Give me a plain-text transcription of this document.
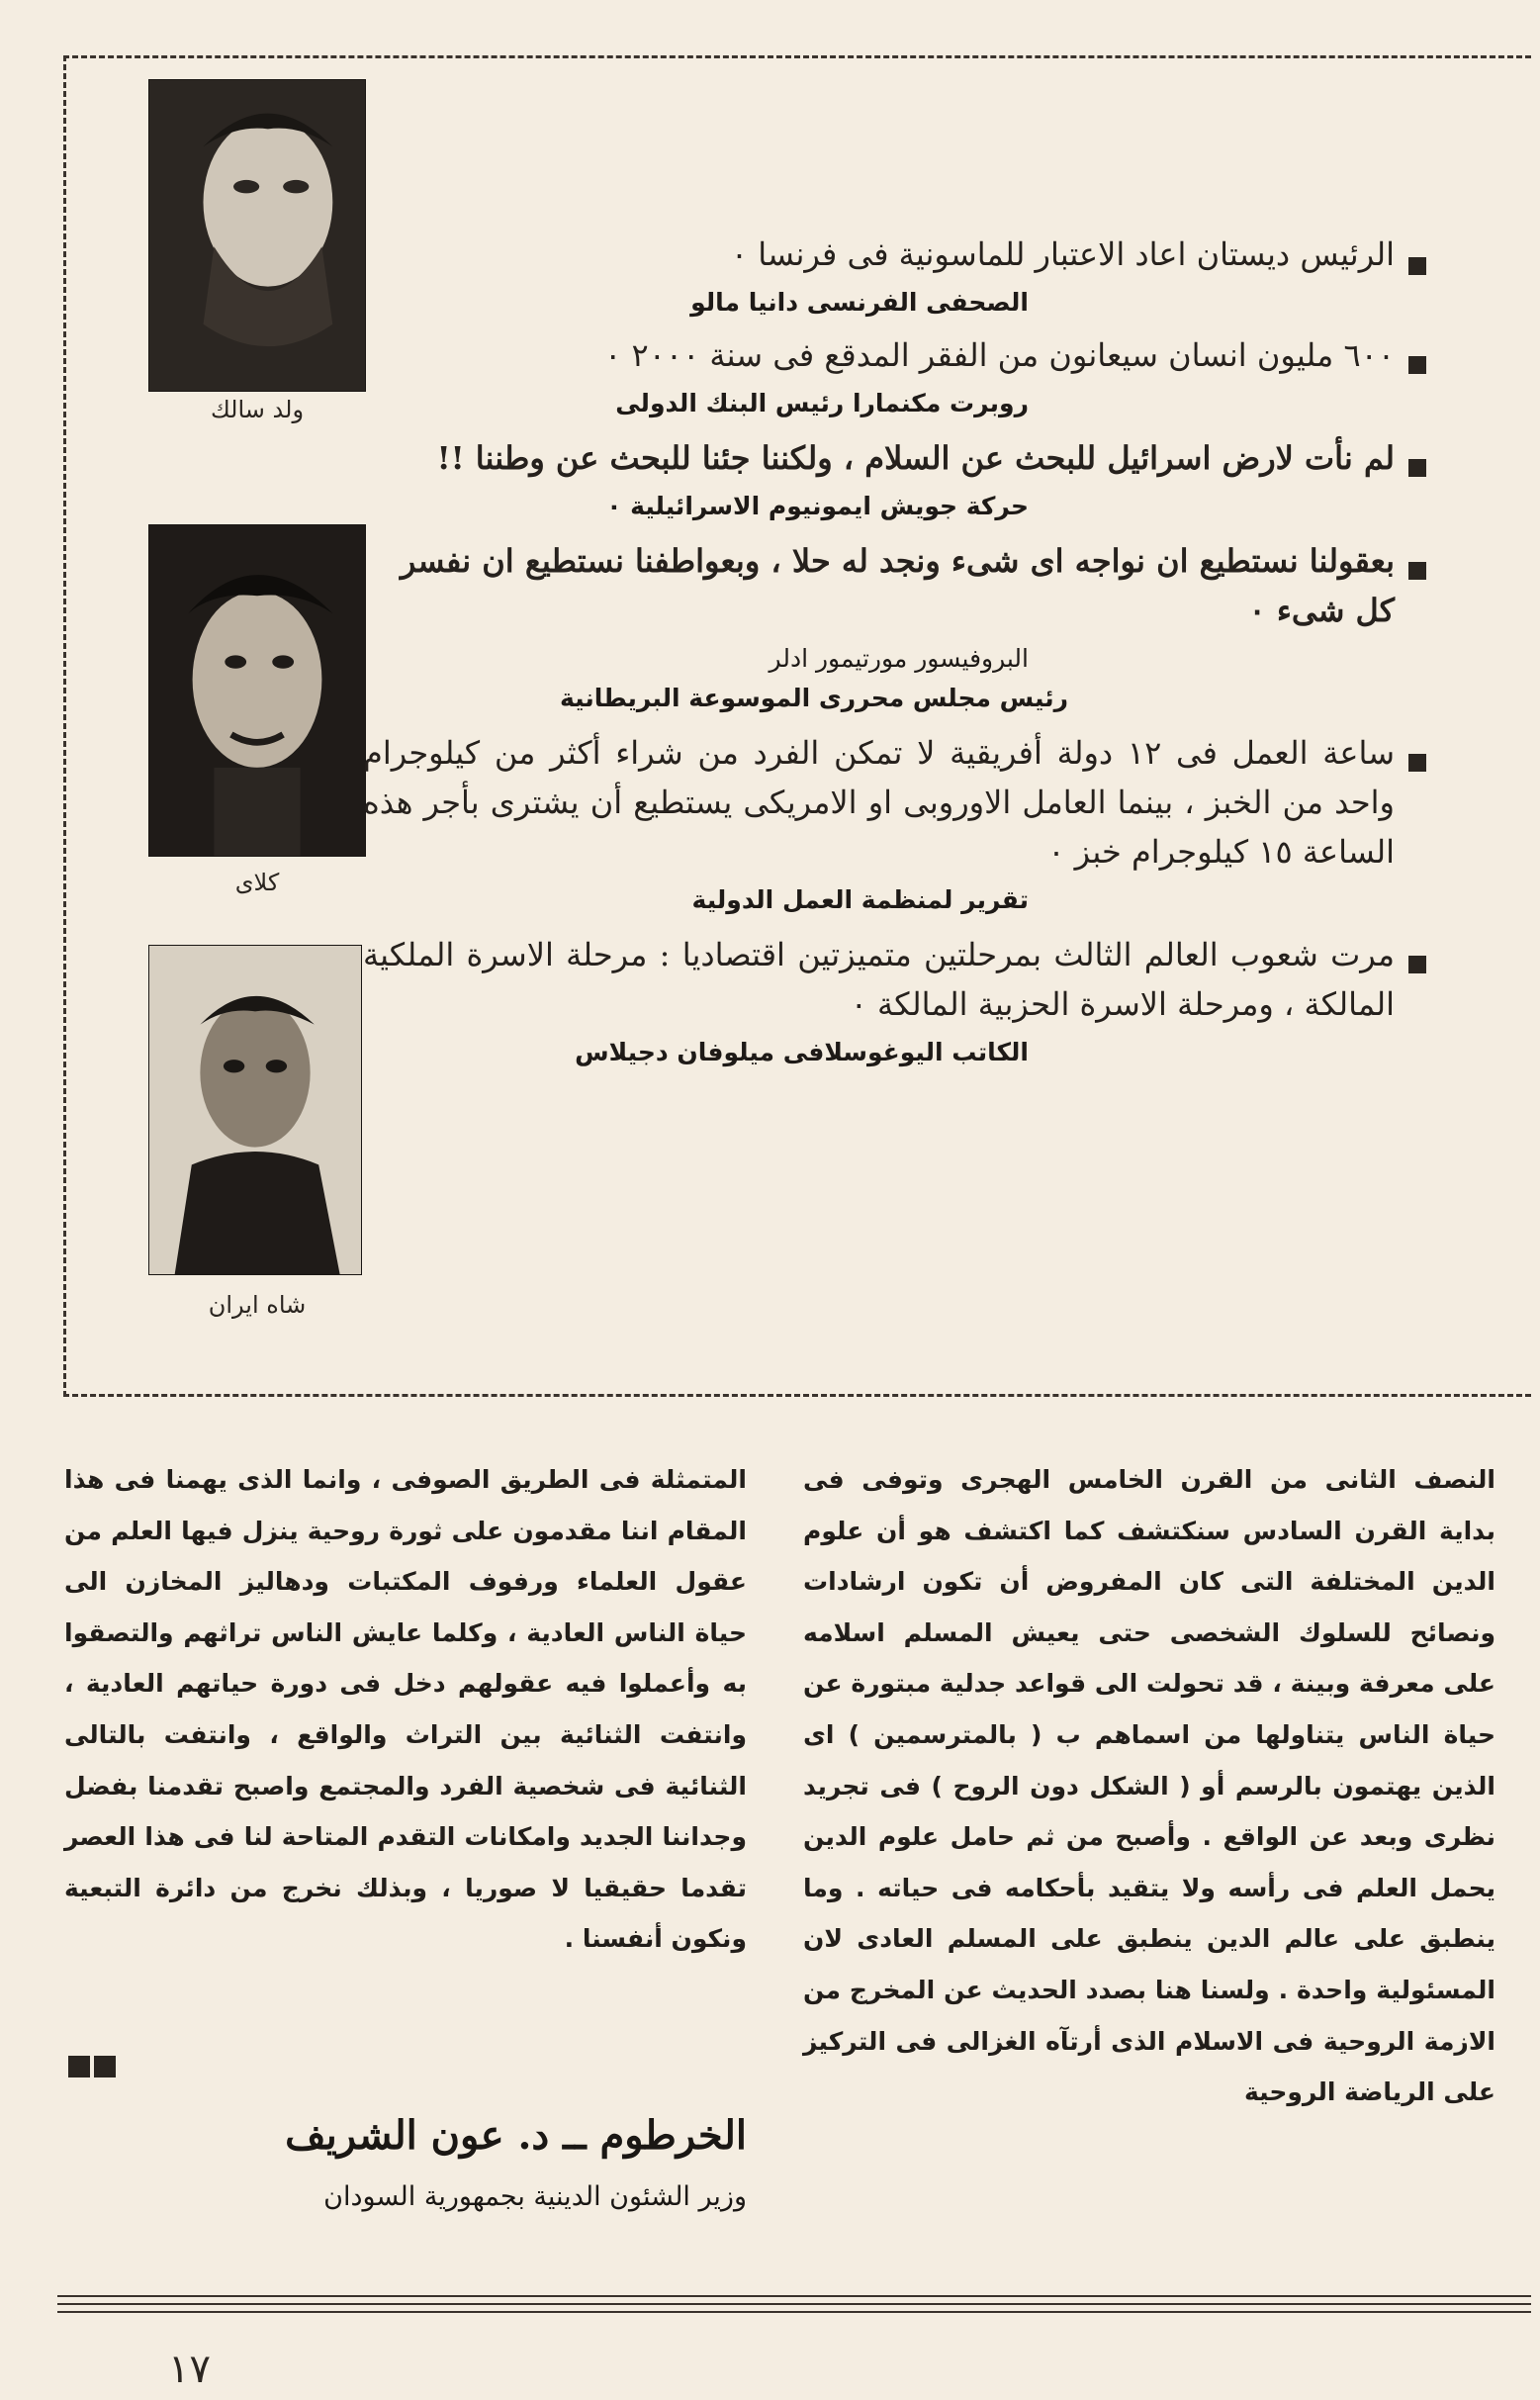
ولد سالك
كلاى
شاه ايران

الرئيس ديستان اعاد الاعتبار للماسونية فى فرنسا ٠

الصحفى الفرنسى دانيا مالو

٦٠٠ مليون انسان سيعانون من الفقر المدقع فى سنة ٢٠٠٠ ٠

روبرت مكنمارا رئيس البنك الدولى

لم نأت لارض اسرائيل للبحث عن السلام ، ولكننا جئنا للبحث عن وطننا !!

حركة جويش ايمونيوم الاسرائيلية ٠

بعقولنا نستطيع ان نواجه اى شىء ونجد له حلا ، وبعواطفنا نستطيع ان نفسر كل شىء ٠

البروفيسور مورتيمور ادلر

رئيس مجلس محررى الموسوعة البريطانية

ساعة العمل فى ١٢ دولة أفريقية لا تمكن الفرد من شراء أكثر من كيلوجرام واحد من الخبز ، بينما العامل الاوروبى او الامريكى يستطيع أن يشترى بأجر هذه الساعة ١٥ كيلوجرام خبز ٠

تقرير لمنظمة العمل الدولية

مرت شعوب العالم الثالث بمرحلتين متميزتين اقتصاديا : مرحلة الاسرة الملكية المالكة ، ومرحلة الاسرة الحزبية المالكة ٠

الكاتب اليوغوسلافى ميلوفان دجيلاس

النصف الثانى من القرن الخامس الهجرى وتوفى فى بداية القرن السادس سنكتشف كما اكتشف هو أن علوم الدين المختلفة التى كان المفروض أن تكون ارشادات ونصائح للسلوك الشخصى حتى يعيش المسلم اسلامه على معرفة وبينة ، قد تحولت الى قواعد جدلية مبتورة عن حياة الناس يتناولها من اسماهم ب ( بالمترسمين ) اى الذين يهتمون بالرسم أو ( الشكل دون الروح ) فى تجريد نظرى وبعد عن الواقع . وأصبح من ثم حامل علوم الدين يحمل العلم فى رأسه ولا يتقيد بأحكامه فى حياته . وما ينطبق على عالم الدين ينطبق على المسلم العادى لان المسئولية واحدة . ولسنا هنا بصدد الحديث عن المخرج من الازمة الروحية فى الاسلام الذى أرتآه الغزالى فى التركيز على الرياضة الروحية
المتمثلة فى الطريق الصوفى ، وانما الذى يهمنا فى هذا المقام اننا مقدمون على ثورة روحية ينزل فيها العلم من عقول العلماء ورفوف المكتبات ودهاليز المخازن الى حياة الناس العادية ، وكلما عايش الناس تراثهم والتصقوا به وأعملوا فيه عقولهم دخل فى دورة حياتهم العادية ، وانتفت الثنائية بين التراث والواقع ، وانتفت بالتالى الثنائية فى شخصية الفرد والمجتمع واصبح تقدمنا بفضل وجداننا الجديد وامكانات التقدم المتاحة لنا فى هذا العصر تقدما حقيقيا لا صوريا ، وبذلك نخرج من دائرة التبعية ونكون أنفسنا .
الخرطوم ــ د. عون الشريف
وزير الشئون الدينية بجمهورية السودان
١٧
